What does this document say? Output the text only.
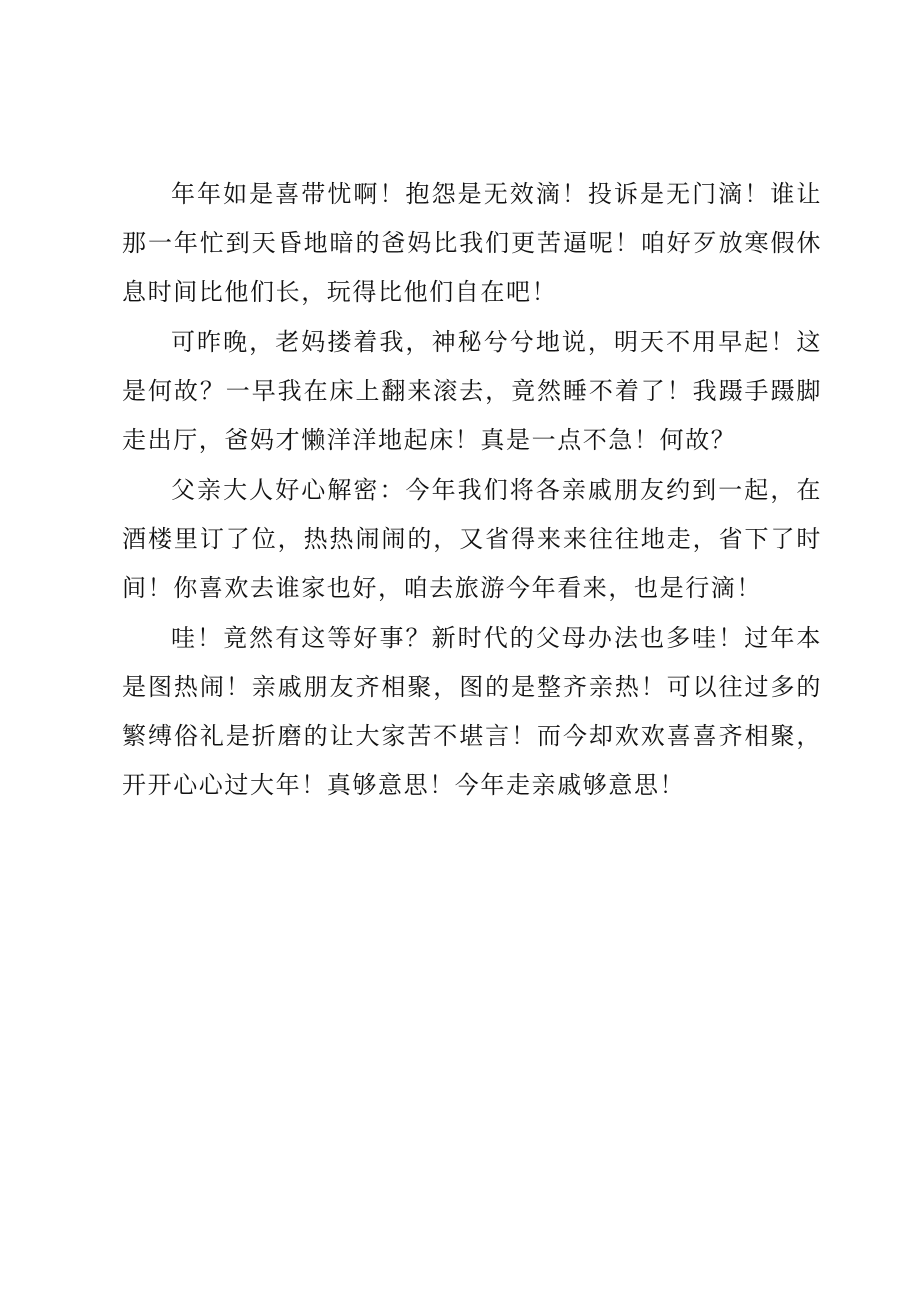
年年如是喜带忧啊！抱怨是无效滴！投诉是无门滴！谁让那一年忙到天昏地暗的爸妈比我们更苦逼呢！咱好歹放寒假休息时间比他们长，玩得比他们自在吧！

可昨晚，老妈搂着我，神秘兮兮地说，明天不用早起！这是何故？一早我在床上翻来滚去，竟然睡不着了！我蹑手蹑脚走出厅，爸妈才懒洋洋地起床！真是一点不急！何故？

父亲大人好心解密：今年我们将各亲戚朋友约到一起，在酒楼里订了位，热热闹闹的，又省得来来往往地走，省下了时间！你喜欢去谁家也好，咱去旅游今年看来，也是行滴！

哇！竟然有这等好事？新时代的父母办法也多哇！过年本是图热闹！亲戚朋友齐相聚，图的是整齐亲热！可以往过多的繁缚俗礼是折磨的让大家苦不堪言！而今却欢欢喜喜齐相聚，开开心心过大年！真够意思！今年走亲戚够意思！
